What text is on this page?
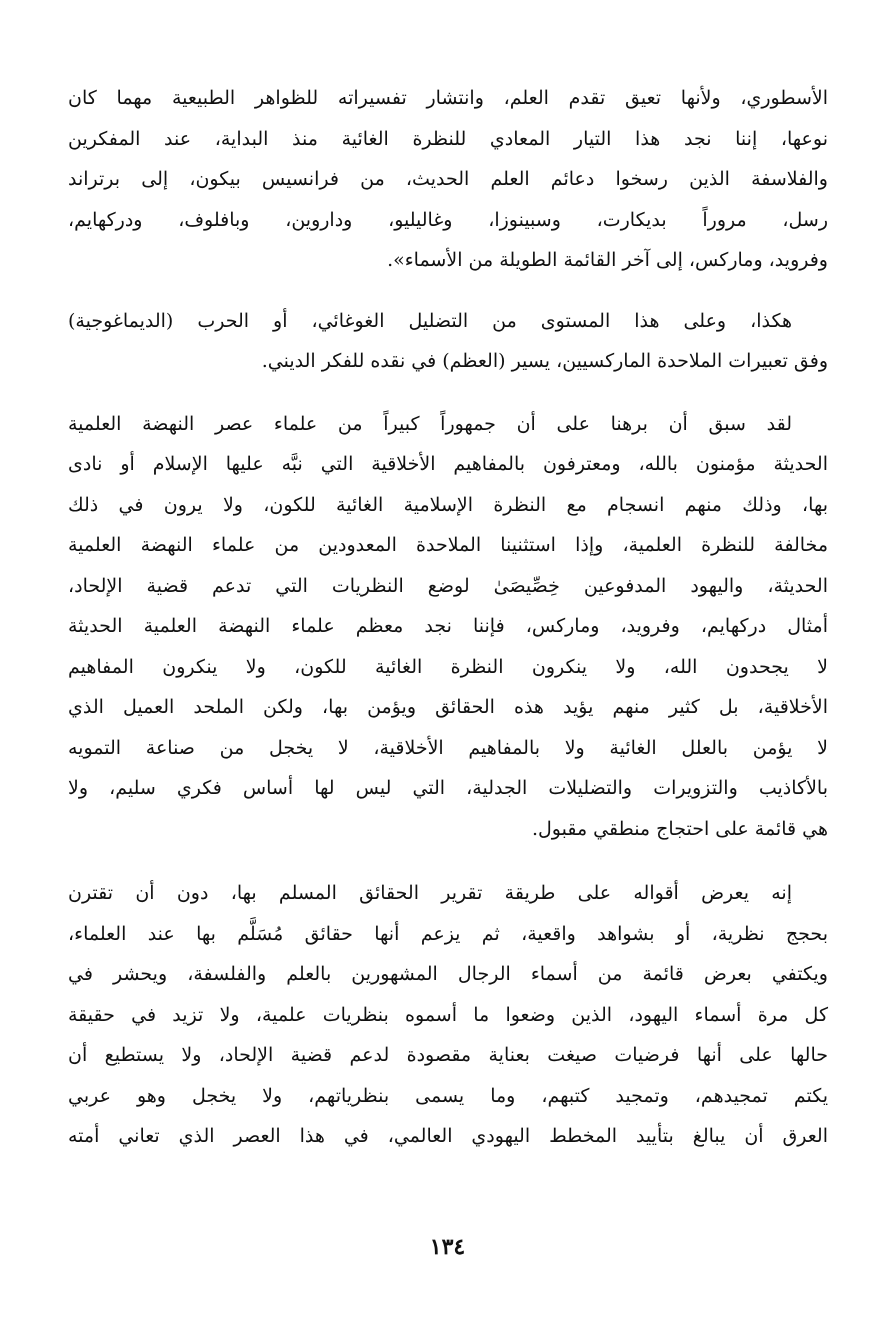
الأسطوري، ولأنها تعيق تقدم العلم، وانتشار تفسيراته للظواهر الطبيعية مهما كان
نوعها، إننا نجد هذا التيار المعادي للنظرة الغائية منذ البداية، عند المفكرين
والفلاسفة الذين رسخوا دعائم العلم الحديث، من فرانسيس بيكون، إلى برتراند
رسل، مروراً بديكارت، وسبينوزا، وغاليليو، وداروين، وبافلوف، ودركهايم،
وفرويد، وماركس، إلى آخر القائمة الطويلة من الأسماء».

هكذا، وعلى هذا المستوى من التضليل الغوغائي، أو الحرب (الديماغوجية)
وفق تعبيرات الملاحدة الماركسيين، يسير (العظم) في نقده للفكر الديني.

لقد سبق أن برهنا على أن جمهوراً كبيراً من علماء عصر النهضة العلمية
الحديثة مؤمنون بالله، ومعترفون بالمفاهيم الأخلاقية التي نبَّه عليها الإسلام أو نادى
بها، وذلك منهم انسجام مع النظرة الإسلامية الغائية للكون، ولا يرون في ذلك
مخالفة للنظرة العلمية، وإذا استثنينا الملاحدة المعدودين من علماء النهضة العلمية
الحديثة، واليهود المدفوعين خِصِّيصَىٰ لوضع النظريات التي تدعم قضية الإلحاد،
أمثال دركهايم، وفرويد، وماركس، فإننا نجد معظم علماء النهضة العلمية الحديثة
لا يجحدون الله، ولا ينكرون النظرة الغائية للكون، ولا ينكرون المفاهيم
الأخلاقية، بل كثير منهم يؤيد هذه الحقائق ويؤمن بها، ولكن الملحد العميل الذي
لا يؤمن بالعلل الغائية ولا بالمفاهيم الأخلاقية، لا يخجل من صناعة التمويه
بالأكاذيب والتزويرات والتضليلات الجدلية، التي ليس لها أساس فكري سليم، ولا
هي قائمة على احتجاج منطقي مقبول.

إنه يعرض أقواله على طريقة تقرير الحقائق المسلم بها، دون أن تقترن
بحجج نظرية، أو بشواهد واقعية، ثم يزعم أنها حقائق مُسَلَّم بها عند العلماء،
ويكتفي بعرض قائمة من أسماء الرجال المشهورين بالعلم والفلسفة، ويحشر في
كل مرة أسماء اليهود، الذين وضعوا ما أسموه بنظريات علمية، ولا تزيد في حقيقة
حالها على أنها فرضيات صيغت بعناية مقصودة لدعم قضية الإلحاد، ولا يستطيع أن
يكتم تمجيدهم، وتمجيد كتبهم، وما يسمى بنظرياتهم، ولا يخجل وهو عربي
العرق أن يبالغ بتأييد المخطط اليهودي العالمي، في هذا العصر الذي تعاني أمته

١٣٤
